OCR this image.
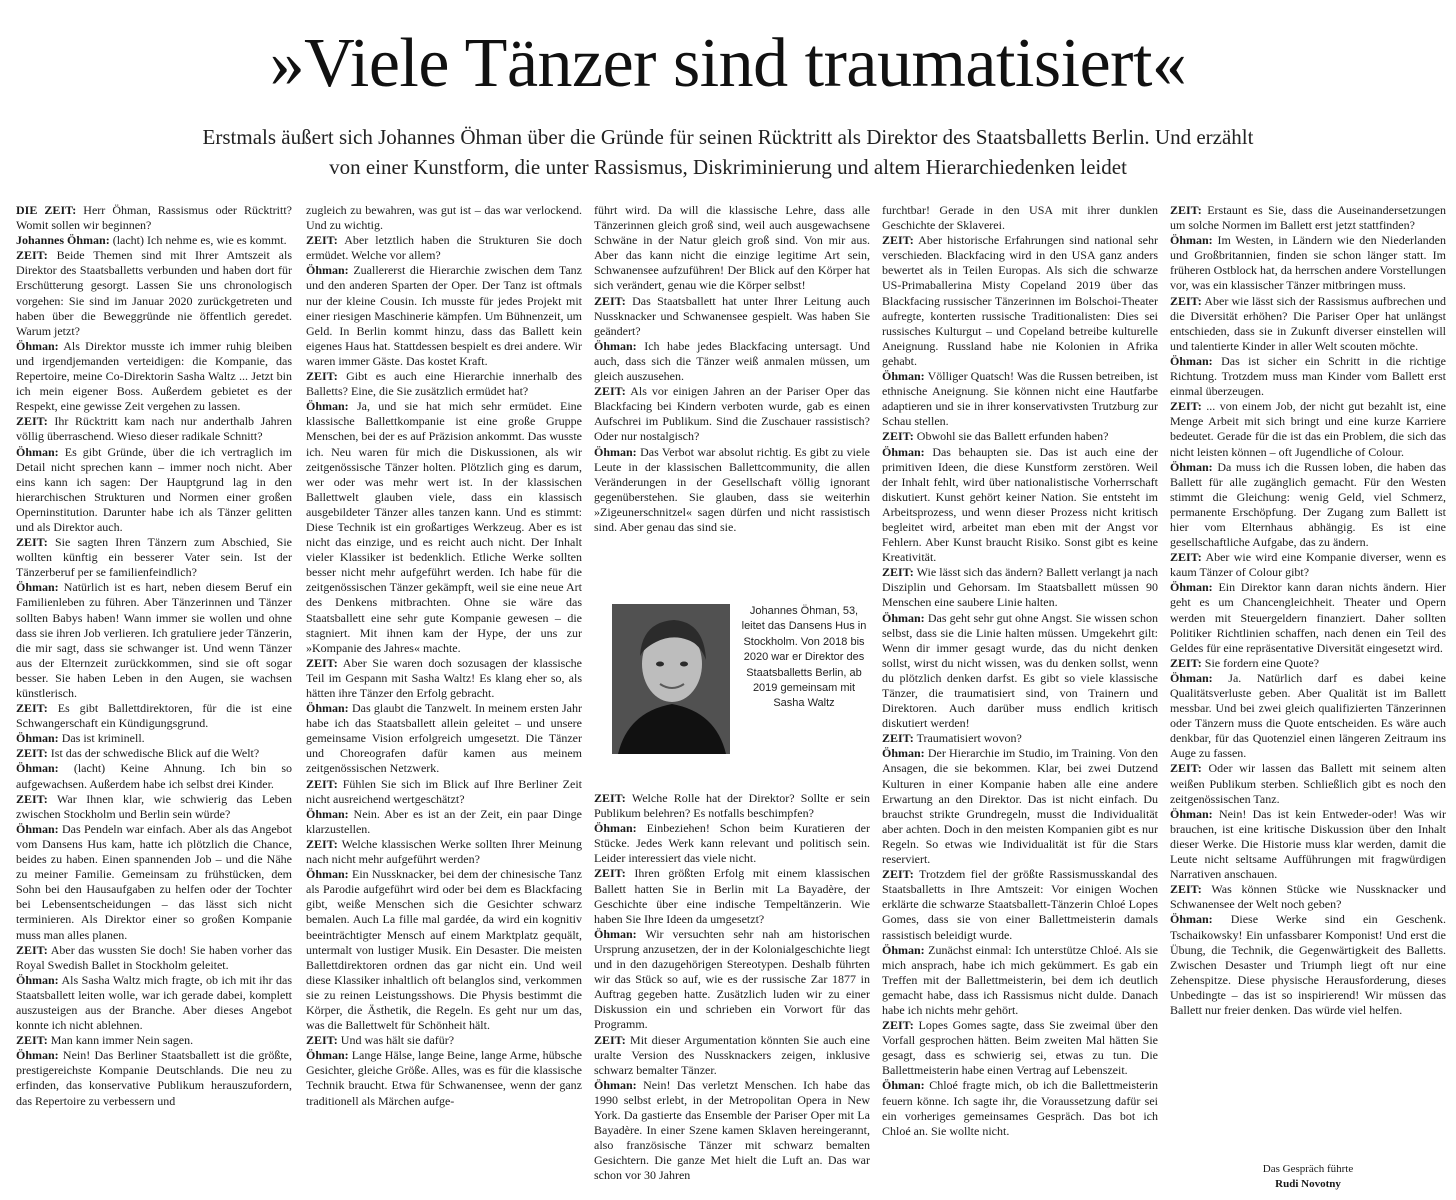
»Viele Tänzer sind traumatisiert«

Erstmals äußert sich Johannes Öhman über die Gründe für seinen Rücktritt als Direktor des Staatsballetts Berlin. Und erzählt
von einer Kunstform, die unter Rassismus, Diskriminierung und altem Hierarchiedenken leidet

DIE ZEIT: Herr Öhman, Rassismus oder Rücktritt? Womit sollen wir beginnen?

Johannes Öhman: (lacht) Ich nehme es, wie es kommt.

ZEIT: Beide Themen sind mit Ihrer Amtszeit als Direktor des Staatsballetts verbunden und haben dort für Erschütterung gesorgt. Lassen Sie uns chronologisch vorgehen: Sie sind im Januar 2020 zurückgetreten und haben über die Beweggründe nie öffentlich geredet. Warum jetzt?

Öhman: Als Direktor musste ich immer ruhig bleiben und irgendjemanden verteidigen: die Kompanie, das Repertoire, meine Co-Direktorin Sasha Waltz ... Jetzt bin ich mein eigener Boss. Außerdem gebietet es der Respekt, eine gewisse Zeit vergehen zu lassen.

ZEIT: Ihr Rücktritt kam nach nur anderthalb Jahren völlig überraschend. Wieso dieser radikale Schnitt?

Öhman: Es gibt Gründe, über die ich vertraglich im Detail nicht sprechen kann – immer noch nicht. Aber eins kann ich sagen: Der Hauptgrund lag in den hierarchischen Strukturen und Normen einer großen Operninstitution. Darunter habe ich als Tänzer gelitten und als Direktor auch.

ZEIT: Sie sagten Ihren Tänzern zum Abschied, Sie wollten künftig ein besserer Vater sein. Ist der Tänzerberuf per se familienfeindlich?

Öhman: Natürlich ist es hart, neben diesem Beruf ein Familienleben zu führen. Aber Tänzerinnen und Tänzer sollten Babys haben! Wann immer sie wollen und ohne dass sie ihren Job verlieren. Ich gratuliere jeder Tänzerin, die mir sagt, dass sie schwanger ist. Und wenn Tänzer aus der Elternzeit zurückkommen, sind sie oft sogar besser. Sie haben Leben in den Augen, sie wachsen künstlerisch.

ZEIT: Es gibt Ballettdirektoren, für die ist eine Schwangerschaft ein Kündigungsgrund.

Öhman: Das ist kriminell.

ZEIT: Ist das der schwedische Blick auf die Welt?

Öhman: (lacht) Keine Ahnung. Ich bin so aufgewachsen. Außerdem habe ich selbst drei Kinder.

ZEIT: War Ihnen klar, wie schwierig das Leben zwischen Stockholm und Berlin sein würde?

Öhman: Das Pendeln war einfach. Aber als das Angebot vom Dansens Hus kam, hatte ich plötzlich die Chance, beides zu haben. Einen spannenden Job – und die Nähe zu meiner Familie. Gemeinsam zu frühstücken, dem Sohn bei den Hausaufgaben zu helfen oder der Tochter bei Lebensentscheidungen – das lässt sich nicht terminieren. Als Direktor einer so großen Kompanie muss man alles planen.

ZEIT: Aber das wussten Sie doch! Sie haben vorher das Royal Swedish Ballet in Stockholm geleitet.

Öhman: Als Sasha Waltz mich fragte, ob ich mit ihr das Staatsballett leiten wolle, war ich gerade dabei, komplett auszusteigen aus der Branche. Aber dieses Angebot konnte ich nicht ablehnen.

ZEIT: Man kann immer Nein sagen.

Öhman: Nein! Das Berliner Staatsballett ist die größte, prestigereichste Kompanie Deutschlands. Die neu zu erfinden, das konservative Publikum herauszufordern, das Repertoire zu verbessern und

zugleich zu bewahren, was gut ist – das war verlockend. Und zu wichtig.

ZEIT: Aber letztlich haben die Strukturen Sie doch ermüdet. Welche vor allem?

Öhman: Zuallererst die Hierarchie zwischen dem Tanz und den anderen Sparten der Oper. Der Tanz ist oftmals nur der kleine Cousin. Ich musste für jedes Projekt mit einer riesigen Maschinerie kämpfen. Um Bühnenzeit, um Geld. In Berlin kommt hinzu, dass das Ballett kein eigenes Haus hat. Stattdessen bespielt es drei andere. Wir waren immer Gäste. Das kostet Kraft.

ZEIT: Gibt es auch eine Hierarchie innerhalb des Balletts? Eine, die Sie zusätzlich ermüdet hat?

Öhman: Ja, und sie hat mich sehr ermüdet. Eine klassische Ballettkompanie ist eine große Gruppe Menschen, bei der es auf Präzision ankommt. Das wusste ich. Neu waren für mich die Diskussionen, als wir zeitgenössische Tänzer holten. Plötzlich ging es darum, wer oder was mehr wert ist. In der klassischen Ballettwelt glauben viele, dass ein klassisch ausgebildeter Tänzer alles tanzen kann. Und es stimmt: Diese Technik ist ein großartiges Werkzeug. Aber es ist nicht das einzige, und es reicht auch nicht. Der Inhalt vieler Klassiker ist bedenklich. Etliche Werke sollten besser nicht mehr aufgeführt werden. Ich habe für die zeitgenössischen Tänzer gekämpft, weil sie eine neue Art des Denkens mitbrachten. Ohne sie wäre das Staatsballett eine sehr gute Kompanie gewesen – die stagniert. Mit ihnen kam der Hype, der uns zur »Kompanie des Jahres« machte.

ZEIT: Aber Sie waren doch sozusagen der klassische Teil im Gespann mit Sasha Waltz! Es klang eher so, als hätten ihre Tänzer den Erfolg gebracht.

Öhman: Das glaubt die Tanzwelt. In meinem ersten Jahr habe ich das Staatsballett allein geleitet – und unsere gemeinsame Vision erfolgreich umgesetzt. Die Tänzer und Choreografen dafür kamen aus meinem zeitgenössischen Netzwerk.

ZEIT: Fühlen Sie sich im Blick auf Ihre Berliner Zeit nicht ausreichend wertgeschätzt?

Öhman: Nein. Aber es ist an der Zeit, ein paar Dinge klarzustellen.

ZEIT: Welche klassischen Werke sollten Ihrer Meinung nach nicht mehr aufgeführt werden?

Öhman: Ein Nussknacker, bei dem der chinesische Tanz als Parodie aufgeführt wird oder bei dem es Blackfacing gibt, weiße Menschen sich die Gesichter schwarz bemalen. Auch La fille mal gardée, da wird ein kognitiv beeinträchtigter Mensch auf einem Marktplatz gequält, untermalt von lustiger Musik. Ein Desaster. Die meisten Ballettdirektoren ordnen das gar nicht ein. Und weil diese Klassiker inhaltlich oft belanglos sind, verkommen sie zu reinen Leistungsshows. Die Physis bestimmt die Körper, die Ästhetik, die Regeln. Es geht nur um das, was die Ballettwelt für Schönheit hält.

ZEIT: Und was hält sie dafür?

Öhman: Lange Hälse, lange Beine, lange Arme, hübsche Gesichter, gleiche Größe. Alles, was es für die klassische Technik braucht. Etwa für Schwanensee, wenn der ganz traditionell als Märchen aufge-

führt wird. Da will die klassische Lehre, dass alle Tänzerinnen gleich groß sind, weil auch ausgewachsene Schwäne in der Natur gleich groß sind. Von mir aus. Aber das kann nicht die einzige legitime Art sein, Schwanensee aufzuführen! Der Blick auf den Körper hat sich verändert, genau wie die Körper selbst!

ZEIT: Das Staatsballett hat unter Ihrer Leitung auch Nussknacker und Schwanensee gespielt. Was haben Sie geändert?

Öhman: Ich habe jedes Blackfacing untersagt. Und auch, dass sich die Tänzer weiß anmalen müssen, um gleich auszusehen.

ZEIT: Als vor einigen Jahren an der Pariser Oper das Blackfacing bei Kindern verboten wurde, gab es einen Aufschrei im Publikum. Sind die Zuschauer rassistisch? Oder nur nostalgisch?

Öhman: Das Verbot war absolut richtig. Es gibt zu viele Leute in der klassischen Ballettcommunity, die allen Veränderungen in der Gesellschaft völlig ignorant gegenüberstehen. Sie glauben, dass sie weiterhin »Zigeunerschnitzel« sagen dürfen und nicht rassistisch sind. Aber genau das sind sie.

Johannes Öhman, 53, leitet das Dansens Hus in Stockholm. Von 2018 bis 2020 war er Direktor des Staatsballetts Berlin, ab 2019 gemeinsam mit Sasha Waltz

ZEIT: Welche Rolle hat der Direktor? Sollte er sein Publikum belehren? Es notfalls beschimpfen?

Öhman: Einbeziehen! Schon beim Kuratieren der Stücke. Jedes Werk kann relevant und politisch sein. Leider interessiert das viele nicht.

ZEIT: Ihren größten Erfolg mit einem klassischen Ballett hatten Sie in Berlin mit La Bayadère, der Geschichte über eine indische Tempeltänzerin. Wie haben Sie Ihre Ideen da umgesetzt?

Öhman: Wir versuchten sehr nah am historischen Ursprung anzusetzen, der in der Kolonialgeschichte liegt und in den dazugehörigen Stereotypen. Deshalb führten wir das Stück so auf, wie es der russische Zar 1877 in Auftrag gegeben hatte. Zusätzlich luden wir zu einer Diskussion ein und schrieben ein Vorwort für das Programm.

ZEIT: Mit dieser Argumentation könnten Sie auch eine uralte Version des Nussknackers zeigen, inklusive schwarz bemalter Tänzer.

Öhman: Nein! Das verletzt Menschen. Ich habe das 1990 selbst erlebt, in der Metropolitan Opera in New York. Da gastierte das Ensemble der Pariser Oper mit La Bayadère. In einer Szene kamen Sklaven hereingerannt, also französische Tänzer mit schwarz bemalten Gesichtern. Die ganze Met hielt die Luft an. Das war schon vor 30 Jahren

furchtbar! Gerade in den USA mit ihrer dunklen Geschichte der Sklaverei.

ZEIT: Aber historische Erfahrungen sind national sehr verschieden. Blackfacing wird in den USA ganz anders bewertet als in Teilen Europas. Als sich die schwarze US-Primaballerina Misty Copeland 2019 über das Blackfacing russischer Tänzerinnen im Bolschoi-Theater aufregte, konterten russische Traditionalisten: Dies sei russisches Kulturgut – und Copeland betreibe kulturelle Aneignung. Russland habe nie Kolonien in Afrika gehabt.

Öhman: Völliger Quatsch! Was die Russen betreiben, ist ethnische Aneignung. Sie können nicht eine Hautfarbe adaptieren und sie in ihrer konservativsten Trutzburg zur Schau stellen.

ZEIT: Obwohl sie das Ballett erfunden haben?

Öhman: Das behaupten sie. Das ist auch eine der primitiven Ideen, die diese Kunstform zerstören. Weil der Inhalt fehlt, wird über nationalistische Vorherrschaft diskutiert. Kunst gehört keiner Nation. Sie entsteht im Arbeitsprozess, und wenn dieser Prozess nicht kritisch begleitet wird, arbeitet man eben mit der Angst vor Fehlern. Aber Kunst braucht Risiko. Sonst gibt es keine Kreativität.

ZEIT: Wie lässt sich das ändern? Ballett verlangt ja nach Disziplin und Gehorsam. Im Staatsballett müssen 90 Menschen eine saubere Linie halten.

Öhman: Das geht sehr gut ohne Angst. Sie wissen schon selbst, dass sie die Linie halten müssen. Umgekehrt gilt: Wenn dir immer gesagt wurde, das du nicht denken sollst, wirst du nicht wissen, was du denken sollst, wenn du plötzlich denken darfst. Es gibt so viele klassische Tänzer, die traumatisiert sind, von Trainern und Direktoren. Auch darüber muss endlich kritisch diskutiert werden!

ZEIT: Traumatisiert wovon?

Öhman: Der Hierarchie im Studio, im Training. Von den Ansagen, die sie bekommen. Klar, bei zwei Dutzend Kulturen in einer Kompanie haben alle eine andere Erwartung an den Direktor. Das ist nicht einfach. Du brauchst strikte Grundregeln, musst die Individualität aber achten. Doch in den meisten Kompanien gibt es nur Regeln. So etwas wie Individualität ist für die Stars reserviert.

ZEIT: Trotzdem fiel der größte Rassismusskandal des Staatsballetts in Ihre Amtszeit: Vor einigen Wochen erklärte die schwarze Staatsballett-Tänzerin Chloé Lopes Gomes, dass sie von einer Ballettmeisterin damals rassistisch beleidigt wurde.

Öhman: Zunächst einmal: Ich unterstütze Chloé. Als sie mich ansprach, habe ich mich gekümmert. Es gab ein Treffen mit der Ballettmeisterin, bei dem ich deutlich gemacht habe, dass ich Rassismus nicht dulde. Danach habe ich nichts mehr gehört.

ZEIT: Lopes Gomes sagte, dass Sie zweimal über den Vorfall gesprochen hätten. Beim zweiten Mal hätten Sie gesagt, dass es schwierig sei, etwas zu tun. Die Ballettmeisterin habe einen Vertrag auf Lebenszeit.

Öhman: Chloé fragte mich, ob ich die Ballettmeisterin feuern könne. Ich sagte ihr, die Voraussetzung dafür sei ein vorheriges gemeinsames Gespräch. Das bot ich Chloé an. Sie wollte nicht.

ZEIT: Erstaunt es Sie, dass die Auseinandersetzungen um solche Normen im Ballett erst jetzt stattfinden?

Öhman: Im Westen, in Ländern wie den Niederlanden und Großbritannien, finden sie schon länger statt. Im früheren Ostblock hat, da herrschen andere Vorstellungen vor, was ein klassischer Tänzer mitbringen muss.

ZEIT: Aber wie lässt sich der Rassismus aufbrechen und die Diversität erhöhen? Die Pariser Oper hat unlängst entschieden, dass sie in Zukunft diverser einstellen will und talentierte Kinder in aller Welt scouten möchte.

Öhman: Das ist sicher ein Schritt in die richtige Richtung. Trotzdem muss man Kinder vom Ballett erst einmal überzeugen.

ZEIT: ... von einem Job, der nicht gut bezahlt ist, eine Menge Arbeit mit sich bringt und eine kurze Karriere bedeutet. Gerade für die ist das ein Problem, die sich das nicht leisten können – oft Jugendliche of Colour.

Öhman: Da muss ich die Russen loben, die haben das Ballett für alle zugänglich gemacht. Für den Westen stimmt die Gleichung: wenig Geld, viel Schmerz, permanente Erschöpfung. Der Zugang zum Ballett ist hier vom Elternhaus abhängig. Es ist eine gesellschaftliche Aufgabe, das zu ändern.

ZEIT: Aber wie wird eine Kompanie diverser, wenn es kaum Tänzer of Colour gibt?

Öhman: Ein Direktor kann daran nichts ändern. Hier geht es um Chancengleichheit. Theater und Opern werden mit Steuergeldern finanziert. Daher sollten Politiker Richtlinien schaffen, nach denen ein Teil des Geldes für eine repräsentative Diversität eingesetzt wird.

ZEIT: Sie fordern eine Quote?

Öhman: Ja. Natürlich darf es dabei keine Qualitätsverluste geben. Aber Qualität ist im Ballett messbar. Und bei zwei gleich qualifizierten Tänzerinnen oder Tänzern muss die Quote entscheiden. Es wäre auch denkbar, für das Quotenziel einen längeren Zeitraum ins Auge zu fassen.

ZEIT: Oder wir lassen das Ballett mit seinem alten weißen Publikum sterben. Schließlich gibt es noch den zeitgenössischen Tanz.

Öhman: Nein! Das ist kein Entweder-oder! Was wir brauchen, ist eine kritische Diskussion über den Inhalt dieser Werke. Die Historie muss klar werden, damit die Leute nicht seltsame Aufführungen mit fragwürdigen Narrativen anschauen.

ZEIT: Was können Stücke wie Nussknacker und Schwanensee der Welt noch geben?

Öhman: Diese Werke sind ein Geschenk. Tschaikowsky! Ein unfassbarer Komponist! Und erst die Übung, die Technik, die Gegenwärtigkeit des Balletts. Zwischen Desaster und Triumph liegt oft nur eine Zehenspitze. Diese physische Herausforderung, dieses Unbedingte – das ist so inspirierend! Wir müssen das Ballett nur freier denken. Das würde viel helfen.

Das Gespräch führte
Rudi Novotny
